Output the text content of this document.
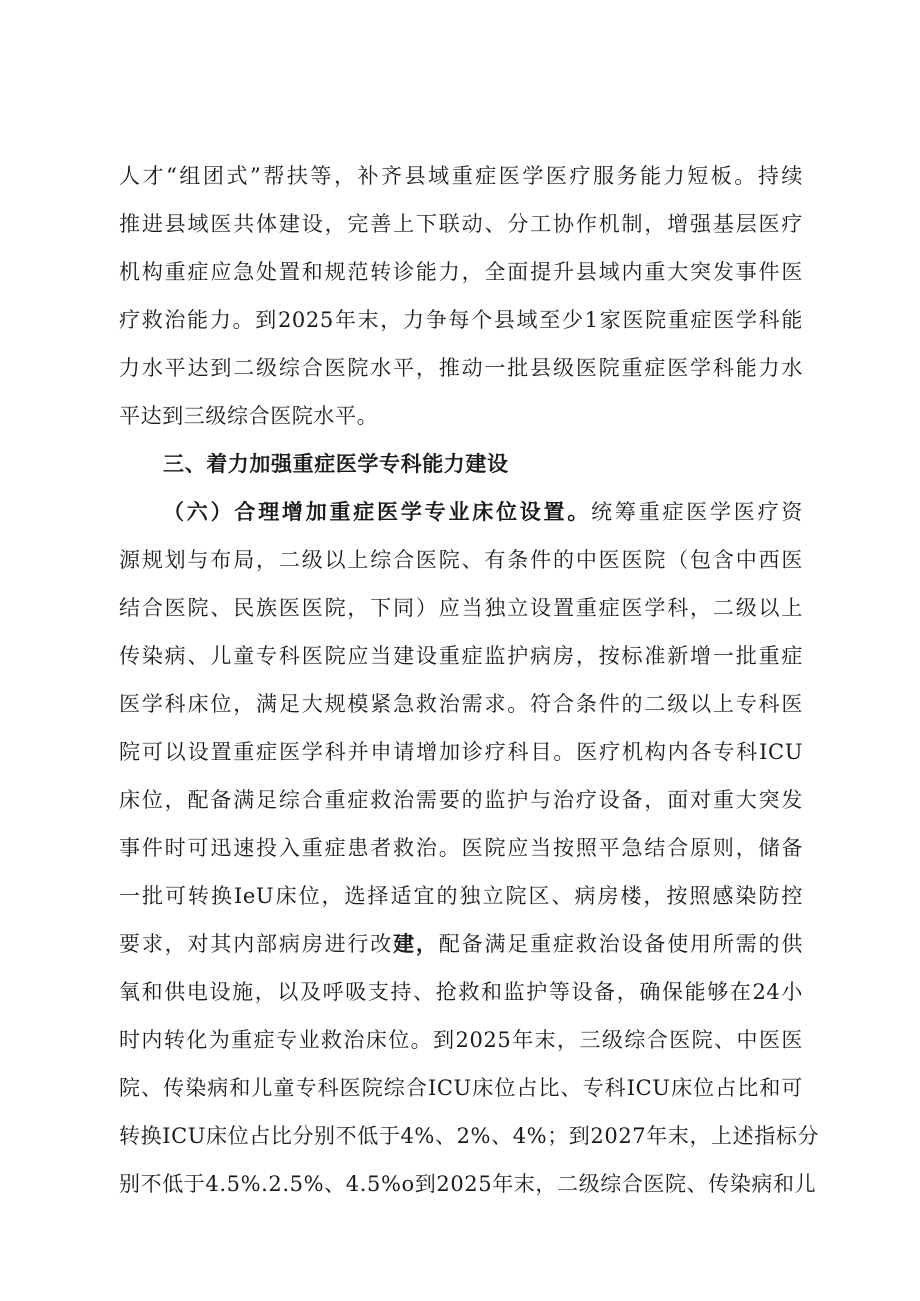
人才“组团式”帮扶等，补齐县域重症医学医疗服务能力短板。持续
推进县域医共体建设，完善上下联动、分工协作机制，增强基层医疗
机构重症应急处置和规范转诊能力，全面提升县域内重大突发事件医
疗救治能力。到2025年末，力争每个县域至少1家医院重症医学科能
力水平达到二级综合医院水平，推动一批县级医院重症医学科能力水
平达到三级综合医院水平。
三、着力加强重症医学专科能力建设
（六）合理增加重症医学专业床位设置。统筹重症医学医疗资
源规划与布局，二级以上综合医院、有条件的中医医院（包含中西医
结合医院、民族医医院，下同）应当独立设置重症医学科，二级以上
传染病、儿童专科医院应当建设重症监护病房，按标准新增一批重症
医学科床位，满足大规模紧急救治需求。符合条件的二级以上专科医
院可以设置重症医学科并申请增加诊疗科目。医疗机构内各专科ICU
床位，配备满足综合重症救治需要的监护与治疗设备，面对重大突发
事件时可迅速投入重症患者救治。医院应当按照平急结合原则，储备
一批可转换IeU床位，选择适宜的独立院区、病房楼，按照感染防控
要求，对其内部病房进行改建，配备满足重症救治设备使用所需的供
氧和供电设施，以及呼吸支持、抢救和监护等设备，确保能够在24小
时内转化为重症专业救治床位。到2025年末，三级综合医院、中医医
院、传染病和儿童专科医院综合ICU床位占比、专科ICU床位占比和可
转换ICU床位占比分别不低于4%、2%、4%；到2027年末，上述指标分
别不低于4.5%.2.5%、4.5%o到2025年末，二级综合医院、传染病和儿
